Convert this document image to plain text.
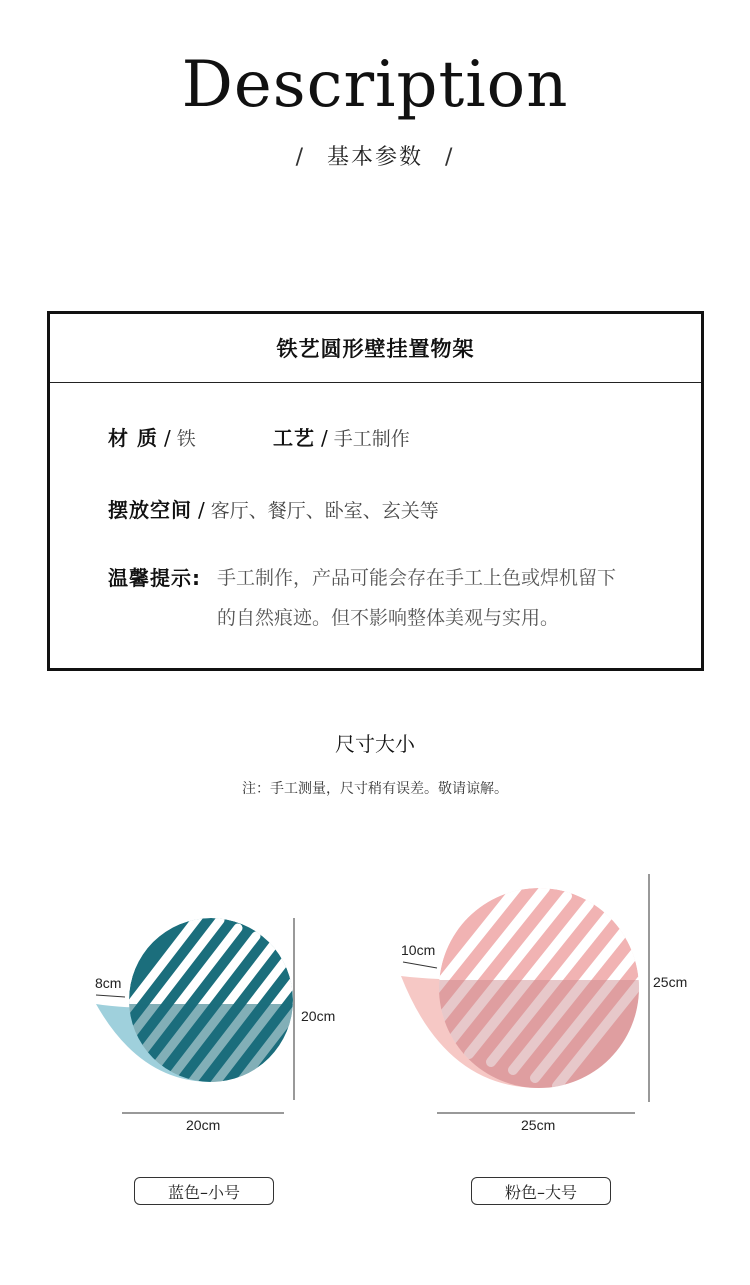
Description
/ 基本参数 /
铁艺圆形壁挂置物架
材 质 / 铁	工艺 / 手工制作
摆放空间 / 客厅、餐厅、卧室、玄关等
温馨提示: 手工制作，产品可能会存在手工上色或焊机留下
的自然痕迹。但不影响整体美观与实用。
尺寸大小
注：手工测量，尺寸稍有误差。敬请谅解。
8cm
20cm
20cm
蓝色–小号
10cm
25cm
25cm
粉色–大号
